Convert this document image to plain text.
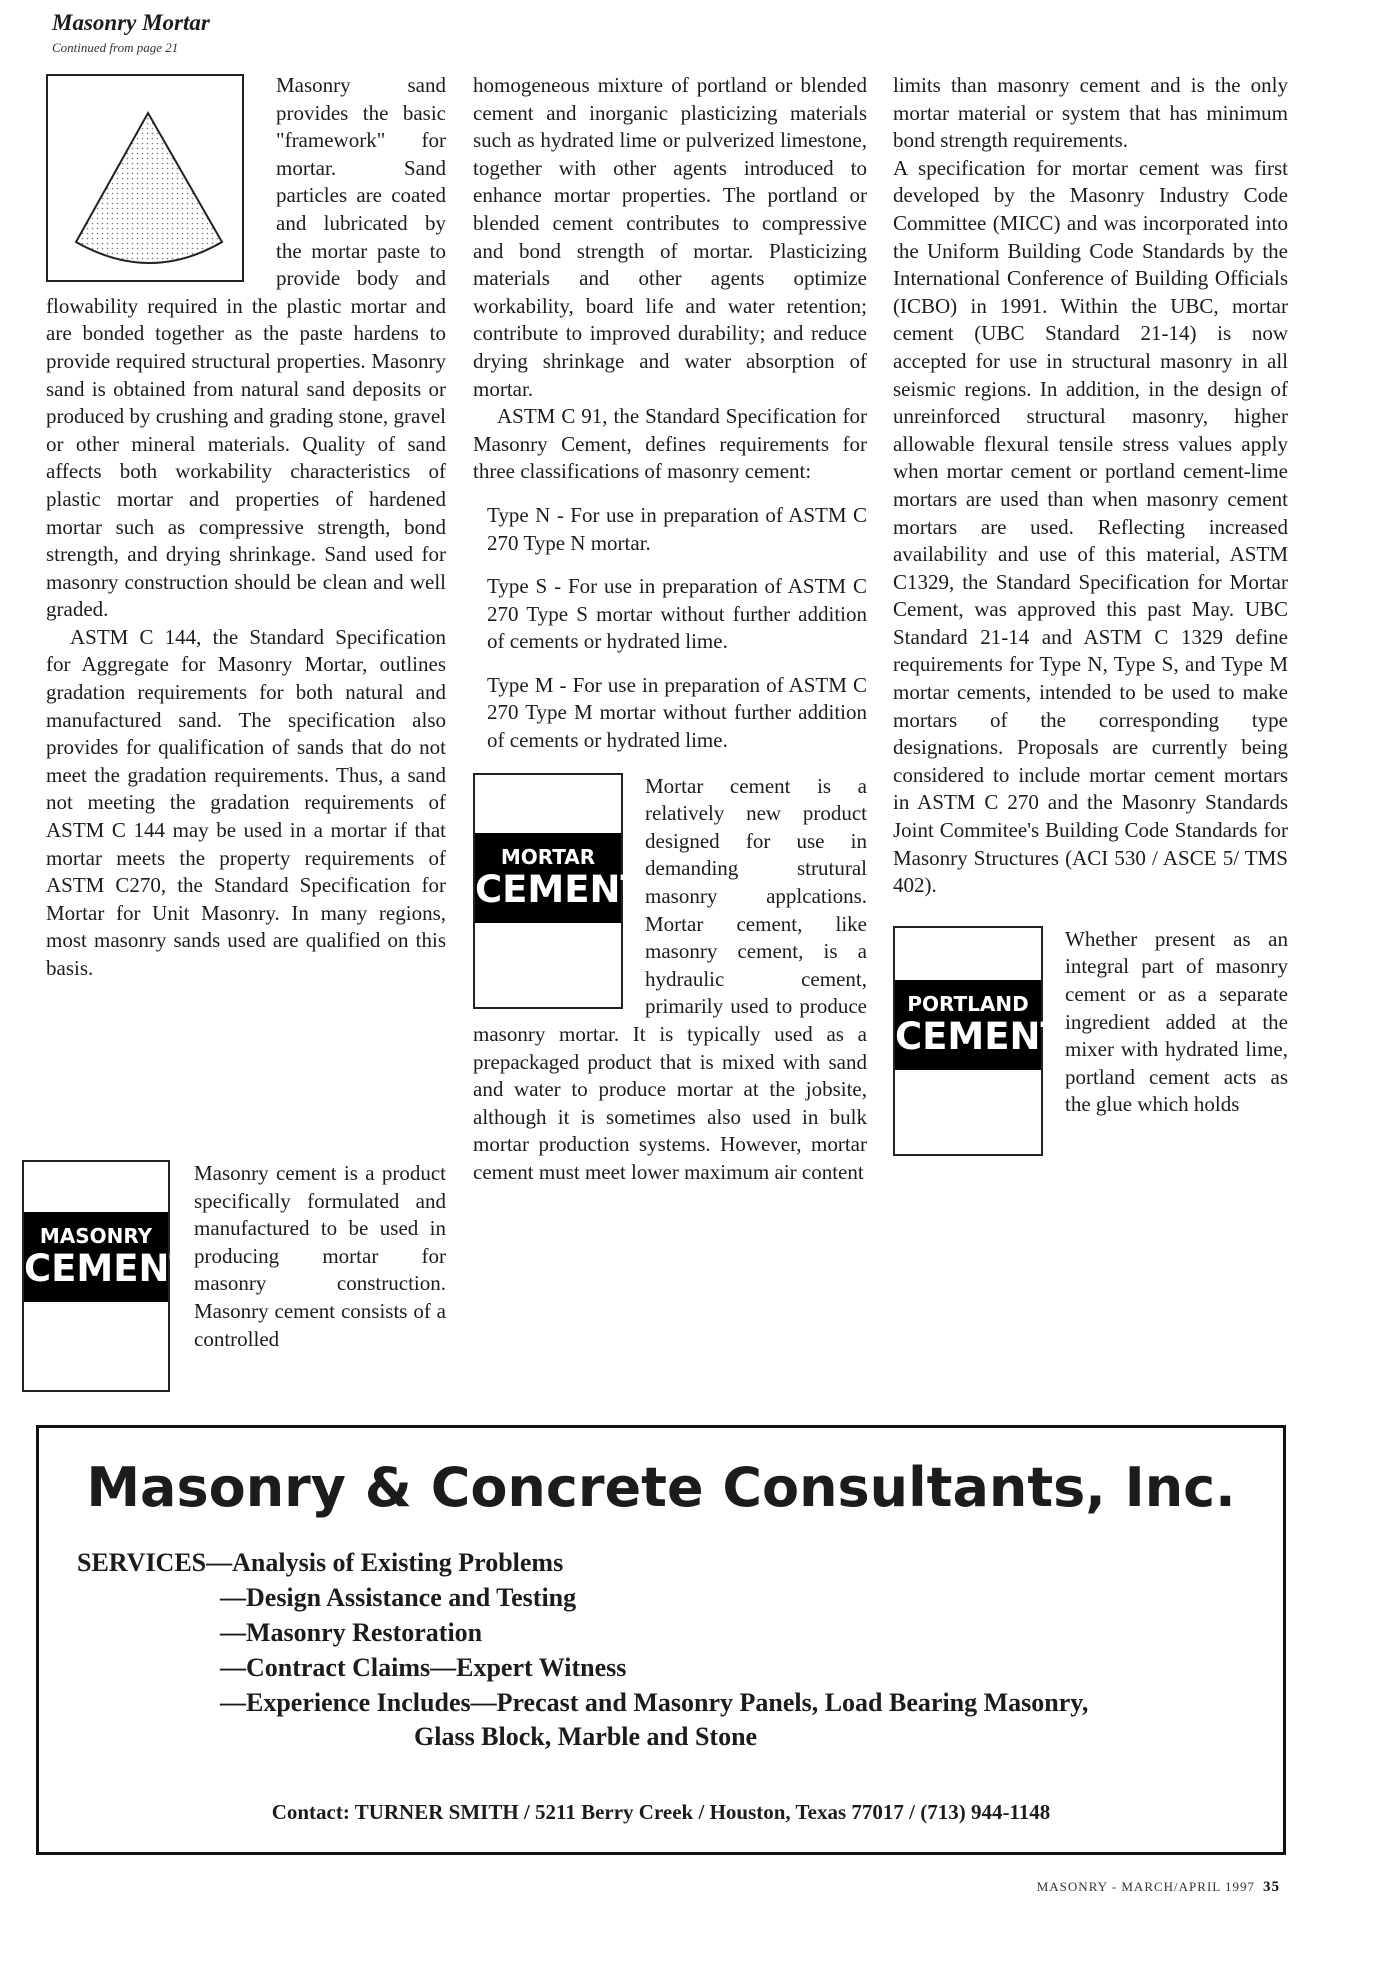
Masonry Mortar
Continued from page 21

Masonry sand provides the basic "framework" for mortar. Sand particles are coated and lubricated by the mortar paste to provide body and flowability required in the plastic mortar and are bonded together as the paste hardens to provide required structural properties. Masonry sand is obtained from natural sand deposits or produced by crushing and grading stone, gravel or other mineral materials. Quality of sand affects both workability characteristics of plastic mortar and properties of hardened mortar such as compressive strength, bond strength, and drying shrinkage. Sand used for masonry construction should be clean and well graded.

ASTM C 144, the Standard Specification for Aggregate for Masonry Mortar, outlines gradation requirements for both natural and manufactured sand. The specification also provides for qualification of sands that do not meet the gradation requirements. Thus, a sand not meeting the gradation requirements of ASTM C 144 may be used in a mortar if that mortar meets the property requirements of ASTM C270, the Standard Specification for Mortar for Unit Masonry. In many regions, most masonry sands used are qualified on this basis.

MASONRY
CEMENT

Masonry cement is a product specifically formulated and manufactured to be used in producing mortar for masonry construction. Masonry cement consists of a controlled

homogeneous mixture of portland or blended cement and inorganic plasticizing materials such as hydrated lime or pulverized limestone, together with other agents introduced to enhance mortar properties. The portland or blended cement contributes to compressive and bond strength of mortar. Plasticizing materials and other agents optimize workability, board life and water retention; contribute to improved durability; and reduce drying shrinkage and water absorption of mortar.

ASTM C 91, the Standard Specification for Masonry Cement, defines requirements for three classifications of masonry cement:

Type N - For use in preparation of ASTM C 270 Type N mortar.

Type S - For use in preparation of ASTM C 270 Type S mortar without further addition of cements or hydrated lime.

Type M - For use in preparation of ASTM C 270 Type M mortar without further addition of cements or hydrated lime.

MORTAR
CEMENT

Mortar cement is a relatively new product designed for use in demanding strutural masonry applcations. Mortar cement, like masonry cement, is a hydraulic cement, primarily used to produce masonry mortar. It is typically used as a prepackaged product that is mixed with sand and water to produce mortar at the jobsite, although it is sometimes also used in bulk mortar production systems. However, mortar cement must meet lower maximum air content

limits than masonry cement and is the only mortar material or system that has minimum bond strength requirements.

A specification for mortar cement was first developed by the Masonry Industry Code Committee (MICC) and was incorporated into the Uniform Building Code Standards by the International Conference of Building Officials (ICBO) in 1991. Within the UBC, mortar cement (UBC Standard 21-14) is now accepted for use in structural masonry in all seismic regions. In addition, in the design of unreinforced structural masonry, higher allowable flexural tensile stress values apply when mortar cement or portland cement-lime mortars are used than when masonry cement mortars are used. Reflecting increased availability and use of this material, ASTM C1329, the Standard Specification for Mortar Cement, was approved this past May. UBC Standard 21-14 and ASTM C 1329 define requirements for Type N, Type S, and Type M mortar cements, intended to be used to make mortars of the corresponding type designations. Proposals are currently being considered to include mortar cement mortars in ASTM C 270 and the Masonry Standards Joint Commitee's Building Code Standards for Masonry Structures (ACI 530 / ASCE 5/ TMS 402).

PORTLAND
CEMENT

Whether present as an integral part of masonry cement or as a separate ingredient added at the mixer with hydrated lime, portland cement acts as the glue which holds

Masonry & Concrete Consultants, Inc.
SERVICES—Analysis of Existing Problems
—Design Assistance and Testing
—Masonry Restoration
—Contract Claims—Expert Witness
—Experience Includes—Precast and Masonry Panels, Load Bearing Masonry,
Glass Block, Marble and Stone
Contact: TURNER SMITH / 5211 Berry Creek / Houston, Texas 77017 / (713) 944-1148
MASONRY - MARCH/APRIL 1997 35
